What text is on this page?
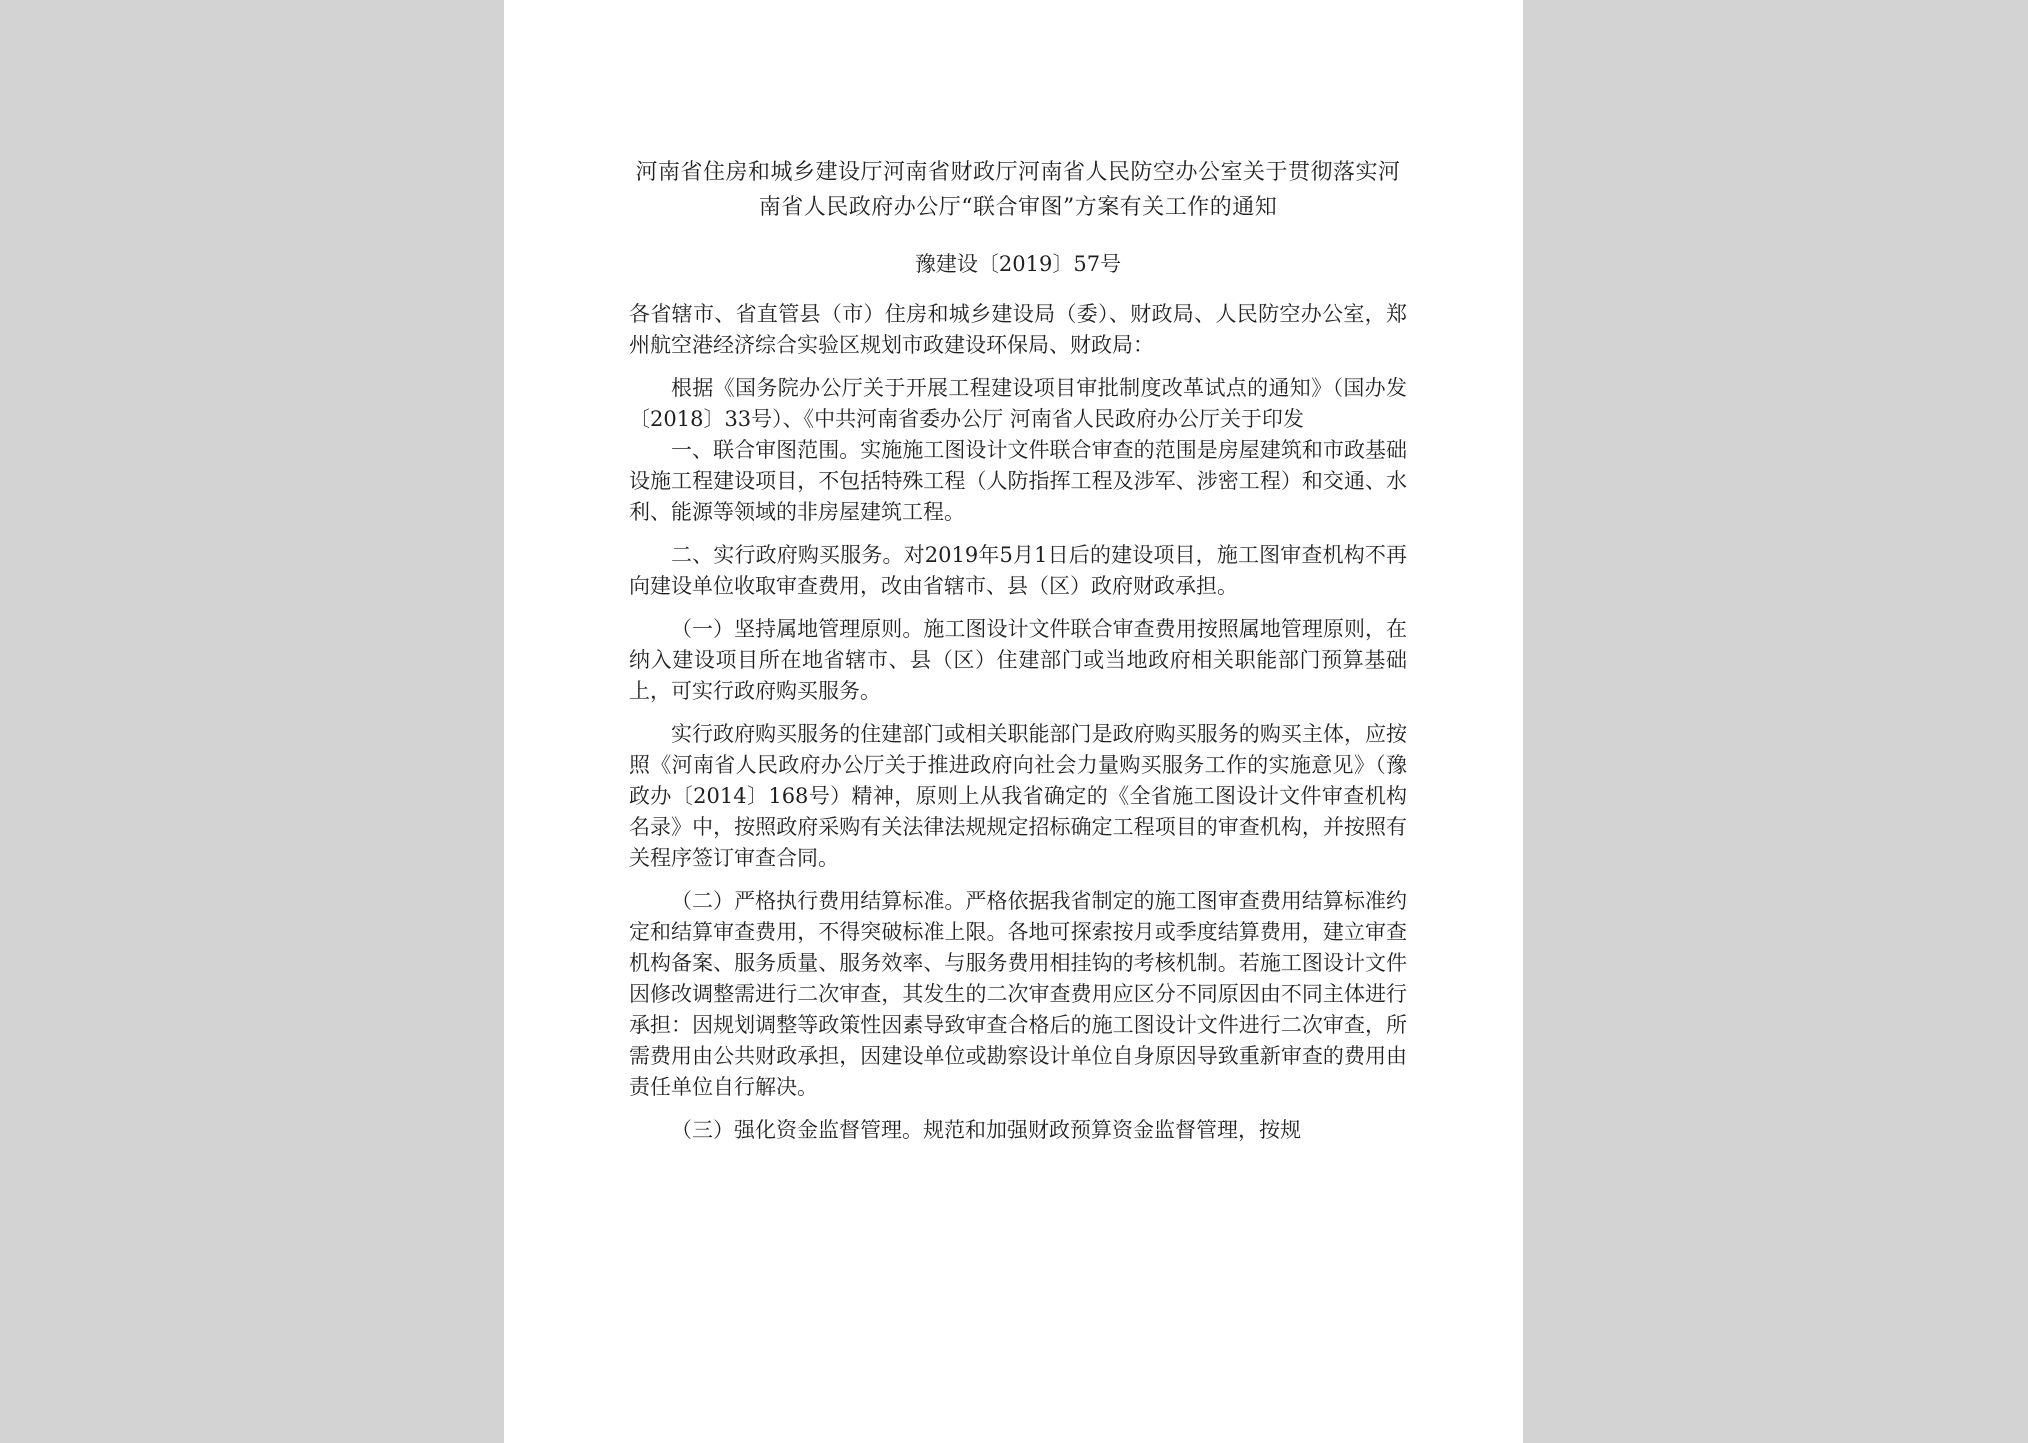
河南省住房和城乡建设厅河南省财政厅河南省人民防空办公室关于贯彻落实河南省人民政府办公厅“联合审图”方案有关工作的通知
豫建设〔2019〕57号
各省辖市、省直管县（市）住房和城乡建设局（委）、财政局、人民防空办公室，郑州航空港经济综合实验区规划市政建设环保局、财政局：

根据《国务院办公厅关于开展工程建设项目审批制度改革试点的通知》（国办发〔2018〕33号）、《中共河南省委办公厅 河南省人民政府办公厅关于印发

一、联合审图范围。实施施工图设计文件联合审查的范围是房屋建筑和市政基础设施工程建设项目，不包括特殊工程（人防指挥工程及涉军、涉密工程）和交通、水利、能源等领域的非房屋建筑工程。

二、实行政府购买服务。对2019年5月1日后的建设项目，施工图审查机构不再向建设单位收取审查费用，改由省辖市、县（区）政府财政承担。

（一）坚持属地管理原则。施工图设计文件联合审查费用按照属地管理原则，在纳入建设项目所在地省辖市、县（区）住建部门或当地政府相关职能部门预算基础上，可实行政府购买服务。

实行政府购买服务的住建部门或相关职能部门是政府购买服务的购买主体，应按照《河南省人民政府办公厅关于推进政府向社会力量购买服务工作的实施意见》（豫政办〔2014〕168号）精神，原则上从我省确定的《全省施工图设计文件审查机构名录》中，按照政府采购有关法律法规规定招标确定工程项目的审查机构，并按照有关程序签订审查合同。

（二）严格执行费用结算标准。严格依据我省制定的施工图审查费用结算标准约定和结算审查费用，不得突破标准上限。各地可探索按月或季度结算费用，建立审查机构备案、服务质量、服务效率、与服务费用相挂钩的考核机制。若施工图设计文件因修改调整需进行二次审查，其发生的二次审查费用应区分不同原因由不同主体进行承担：因规划调整等政策性因素导致审查合格后的施工图设计文件进行二次审查，所需费用由公共财政承担，因建设单位或勘察设计单位自身原因导致重新审查的费用由责任单位自行解决。

（三）强化资金监督管理。规范和加强财政预算资金监督管理，按规
